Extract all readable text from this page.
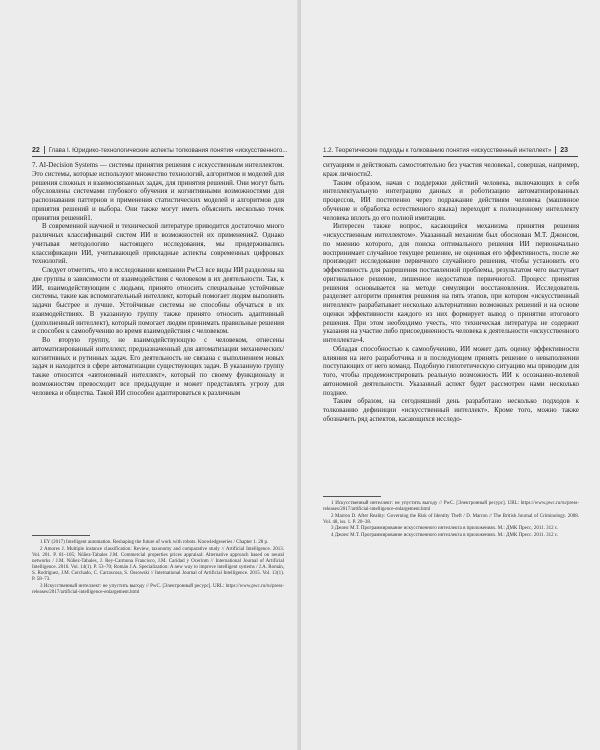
22 Глава I. Юридико-технологические аспекты толкования понятия «искусственного...

7. AI-Decision Systems — системы принятия решения с искусственным интеллектом. Это системы, которые используют множество технологий, алгоритмов и моделей для решения сложных и взаимосвязанных задач, для принятия решений. Они могут быть обусловлены системами глубокого обучения и когнитивными возможностями для распознавания паттернов и применения статистических моделей и алгоритмов для принятия решений и выбора. Они также могут иметь объяснить несколько точек принятия решений1.

В современной научной и технической литературе приводится достаточно много различных классификаций систем ИИ и возможностей их применения2. Однако учитывая методологию настоящего исследования, мы придерживались классификации ИИ, учитывающей прикладные аспекты современных цифровых технологий.

Следует отметить, что в исследовании компании PwC3 все виды ИИ разделены на две группы в зависимости от взаимодействия с человеком в их деятельности. Так, к ИИ, взаимодействующим с людьми, принято относить специальные устойчивые системы, такие как вспомогательный интеллект, который помогает людям выполнять задачи быстрее и лучше. Устойчивые системы не способны обучаться в их взаимодействиях. В указанную группу также принято относить адаптивный (дополненный интеллект), который помогает людям принимать правильные решения и способен к самообучению во время взаимодействия с человеком.

Во вторую группу, не взаимодействующую с человеком, отнесены автоматизированный интеллект, предназначенный для автоматизации механических/когнитивных и рутинных задач. Его деятельность не связана с выполнением новых задач и находится в сфере автоматизации существующих задач. В указанную группу также относится «автономный интеллект», который по своему функционалу и возможностям превосходит все предыдущие и может представлять угрозу для человека и общества. Такой ИИ способен адаптироваться к различным

1 EY (2017) Intelligent automation. Reshaping the future of work with robots. Knowledgeseries / Chapter 1. 28 p.

2 Amores J. Multiple instance classification: Review, taxonomy and comparative study // Artificial Intelligence. 2013. Vol. 201. P. 81–105; Núñez-Tabales J.M. Commercial properties prices appraisal: Alternative approach based on neural networks / J.M. Núñez-Tabales, J. Rey-Carmona Francisco, J.M. Caridad y Ocerinm // International Journal of Artificial Intelligence. 2016. Vol. 14(1). P. 53–70; Román J.A. Specialization: A new way to improve intelligent systems / J.A. Román, S. Rodríguez, J.M. Corchado, C. Carrascosa, S. Ossowski // International Journal of Artificial Intelligence. 2015. Vol. 13(1). P. 58–73.

3 Искусственный интеллект: не упустить выгоду // PwC. [Электронный ресурс]. URL: https://www.pwc.ru/ru/press-releases/2017/artificial-intelligence-enlargement.html

1.2. Теоретические подходы к толкованию понятия «искусственный интеллект» 23

ситуациям и действовать самостоятельно без участия человека1, совершая, например, краж личности2.

Таким образом, начав с поддержки действий человека, включающих в себя интеллектуальную интеграцию данных и роботизацию автоматизированных процессов, ИИ постепенно через подражание действиям человека (машинное обучение и обработка естественного языка) переходит к полноценному интеллекту человека вплоть до его полной имитации.

Интересен также вопрос, касающийся механизма принятия решения «искусственным интеллектом». Указанный механизм был обоснован М.Т. Джонсом, по мнению которого, для поиска оптимального решения ИИ первоначально воспринимает случайное текущее решение, не оценивая его эффективность, после же производит исследование первичного случайного решения, чтобы установить его эффективность для разрешения поставленной проблемы, результатом чего выступает оригинальное решение, лишенное недостатков первичного3. Процесс принятия решения основывается на методе симуляции восстановления. Исследователь разделяет алгоритм принятия решения на пять этапов, при котором «искусственный интеллект» разрабатывает несколько альтернативно возможных решений и на основе оценки эффективности каждого из них формирует вывод о принятии итогового решения. При этом необходимо учесть, что техническая литература не содержит указания на участие либо присоединенность человека к деятельности «искусственного интеллекта»4.

Обладая способностью к самообучению, ИИ может дать оценку эффективности влияния на него разработчика и в последующем принять решение о невыполнении поступающих от него команд. Подобную гипотетическую ситуацию мы приводим для того, чтобы продемонстрировать реальную возможность ИИ к осознанно-волевой автономной деятельности. Указанный аспект будет рассмотрен нами несколько позднее.

Таким образом, на сегодняшний день разработано несколько подходов к толкованию дефиниции «искусственный интеллект». Кроме того, можно также обозначить ряд аспектов, касающихся исследо-

1 Искусственный интеллект: не упустить выгоду // PwC. [Электронный ресурс]. URL: https://www.pwc.ru/ru/press-releases/2017/artificial-intelligence-enlargement.html

2 Marron D. After Reality: Governing the Risk of Identity Theft / D. Marron // The British Journal of Criminology. 2008. Vol. 48, iss. 1. P. 20–38.

3 Джонс М.Т. Программирование искусственного интеллекта в приложениях. М.: ДМК Пресс, 2011. 312 с.

4 Джонс М.Т. Программирование искусственного интеллекта в приложениях. М.: ДМК Пресс. 2011. 312 с.
